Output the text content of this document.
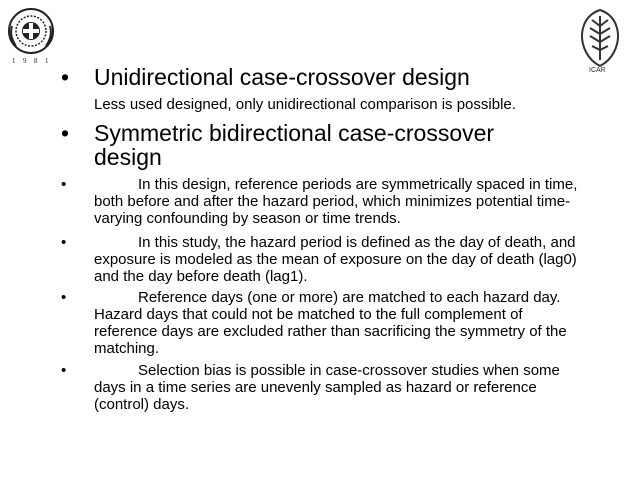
1 9 8 1
ICAR
•	Unidirectional case-crossover design
Less used designed, only unidirectional comparison is possible.
•	Symmetric bidirectional case-crossover
design
•	In this design, reference periods are symmetrically spaced in time, both before and after the hazard period, which minimizes potential time-varying confounding by season or time trends.
•	In this study, the hazard period is defined as the day of death, and exposure is modeled as the mean of exposure on the day of death (lag0) and the day before death (lag1).
•	Reference days (one or more) are matched to each hazard day. Hazard days that could not be matched to the full complement of reference days are excluded rather than sacrificing the symmetry of the matching.
•	Selection bias is possible in case-crossover studies when some days in a time series are unevenly sampled as hazard or reference (control) days.
